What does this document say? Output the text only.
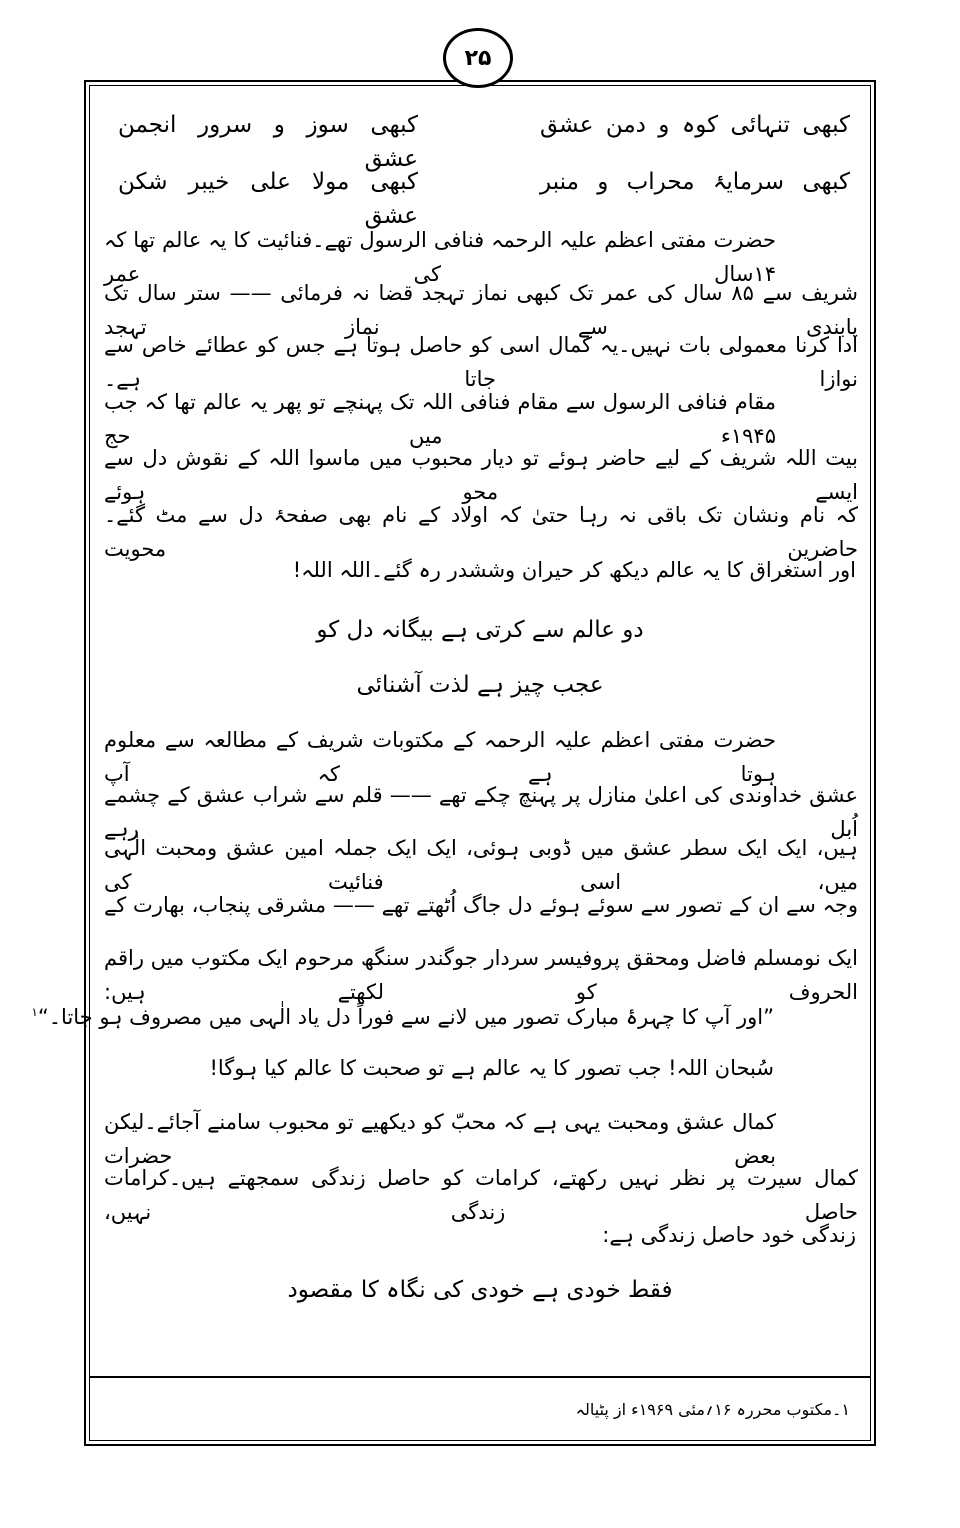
۲۵
کبھی تنہائی کوہ و دمن عشق
کبھی سوز و سرور انجمن عشق
کبھی سرمایۂ محراب و منبر
کبھی مولا علی خیبر شکن عشق
حضرت مفتی اعظم علیہ الرحمہ فنافی الرسول تھے۔فنائیت کا یہ عالم تھا کہ ۱۴سال کی عمر
شریف سے ۸۵ سال کی عمر تک کبھی نماز تہجد قضا نہ فرمائی —— ستر سال تک پابندی سے نماز تہجد
ادا کرنا معمولی بات نہیں۔یہ کمال اسی کو حاصل ہوتا ہے جس کو عطائے خاص سے نوازا جاتا ہے۔
مقام فنافی الرسول سے مقام فنافی اللہ تک پہنچے تو پھر یہ عالم تھا کہ جب ۱۹۴۵ء میں حج
بیت اللہ شریف کے لیے حاضر ہوئے تو دیار محبوب میں ماسوا اللہ کے نقوش دل سے ایسے محو ہوئے
کہ نام ونشان تک باقی نہ رہا حتیٰ کہ اولاد کے نام بھی صفحۂ دل سے مٹ گئے۔حاضرین محویت
اور استغراق کا یہ عالم دیکھ کر حیران وششدر رہ گئے۔اللہ اللہ!
دو عالم سے کرتی ہے بیگانہ دل کو
عجب چیز ہے لذت آشنائی
حضرت مفتی اعظم علیہ الرحمہ کے مکتوبات شریف کے مطالعہ سے معلوم ہوتا ہے کہ آپ
عشق خداوندی کی اعلیٰ منازل پر پہنچ چکے تھے —— قلم سے شراب عشق کے چشمے اُبل رہے
ہیں، ایک ایک سطر عشق میں ڈوبی ہوئی، ایک ایک جملہ امین عشق ومحبت الٰہی میں، اسی فنائیت کی
وجہ سے ان کے تصور سے سوئے ہوئے دل جاگ اُٹھتے تھے —— مشرقی پنجاب، بھارت کے
ایک نومسلم فاضل ومحقق پروفیسر سردار جوگندر سنگھ مرحوم ایک مکتوب میں راقم الحروف کو لکھتے ہیں:
”اور آپ کا چہرۂ مبارک تصور میں لانے سے فوراً دل یاد الٰہی میں مصروف ہو جاتا۔“$^۱$
سُبحان اللہ! جب تصور کا یہ عالم ہے تو صحبت کا عالم کیا ہوگا!
کمال عشق ومحبت یہی ہے کہ محبّ کو دیکھیے تو محبوب سامنے آجائے۔لیکن بعض حضرات
کمال سیرت پر نظر نہیں رکھتے، کرامات کو حاصل زندگی سمجھتے ہیں۔کرامات حاصل زندگی نہیں،
زندگی خود حاصل زندگی ہے:
فقط خودی ہے خودی کی نگاہ کا مقصود
۱۔مکتوب محررہ ۱۶؍مئی ۱۹۶۹ء از پٹیالہ
